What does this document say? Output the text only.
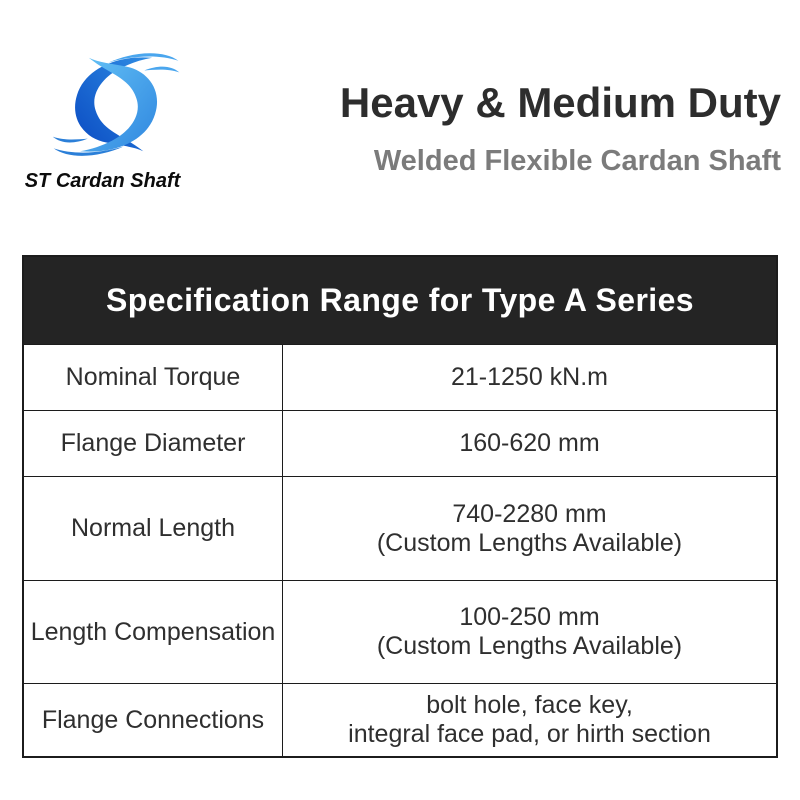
ST Cardan Shaft
Heavy & Medium Duty
Welded Flexible Cardan Shaft
Specification Range for Type A Series
Nominal Torque	21-1250 kN.m
Flange Diameter	160-620 mm
Normal Length	740-2280 mm
(Custom Lengths Available)
Length Compensation	100-250 mm
(Custom Lengths Available)
Flange Connections	bolt hole, face key,
integral face pad, or hirth section
